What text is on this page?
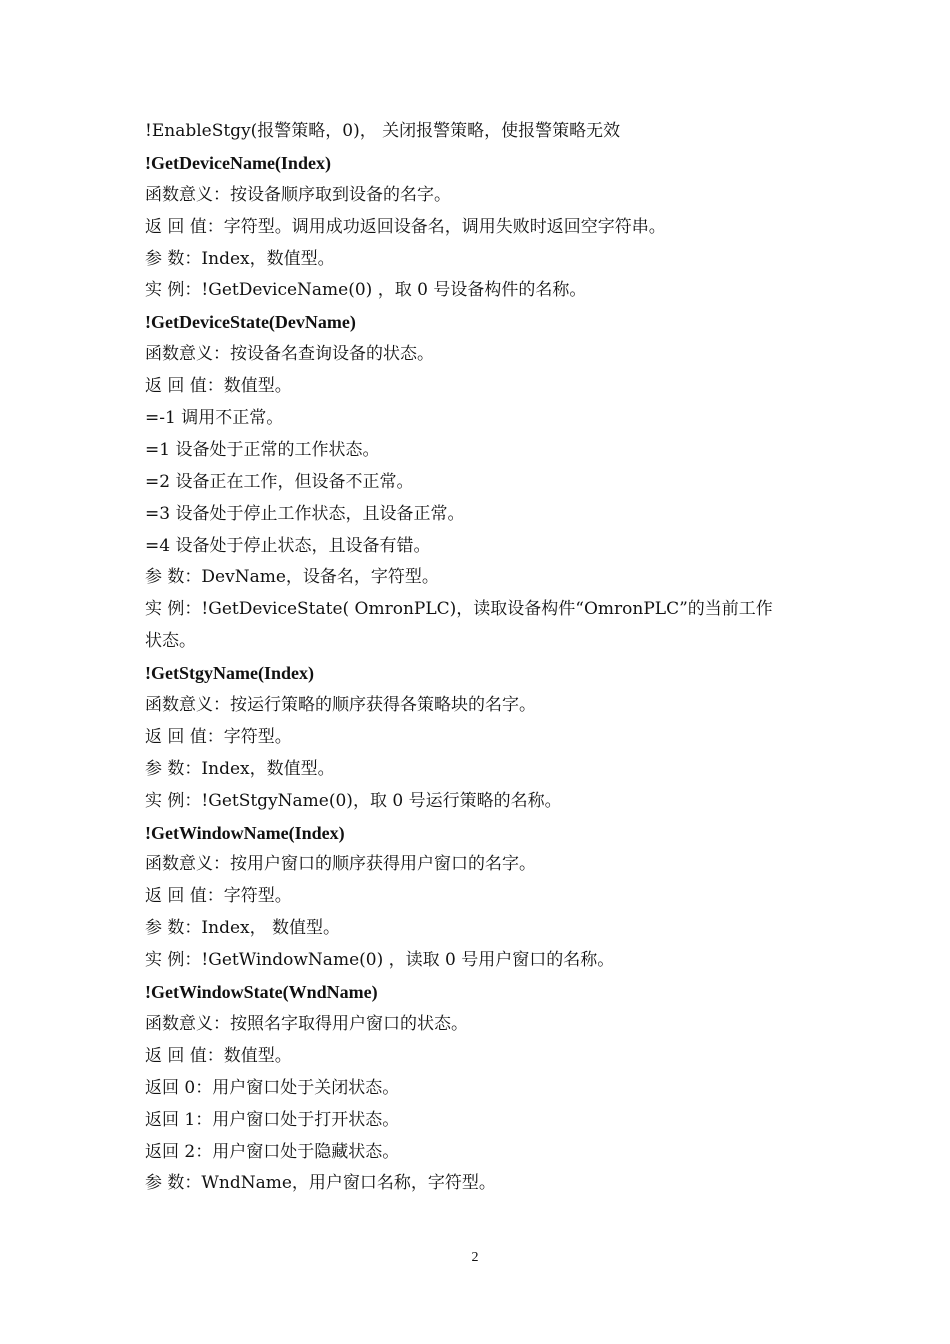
!EnableStgy(报警策略，0)， 关闭报警策略，使报警策略无效
!GetDeviceName(Index)
函数意义：按设备顺序取到设备的名字。
返 回 值：字符型。调用成功返回设备名，调用失败时返回空字符串。
参 数：Index，数值型。
实 例：!GetDeviceName(0) ，取 0 号设备构件的名称。
!GetDeviceState(DevName)
函数意义：按设备名查询设备的状态。
返 回 值：数值型。
=-1 调用不正常。
=1 设备处于正常的工作状态。
=2 设备正在工作，但设备不正常。
=3 设备处于停止工作状态，且设备正常。
=4 设备处于停止状态，且设备有错。
参 数：DevName，设备名，字符型。
实 例：!GetDeviceState( OmronPLC)，读取设备构件“OmronPLC”的当前工作
状态。
!GetStgyName(Index)
函数意义：按运行策略的顺序获得各策略块的名字。
返 回 值：字符型。
参 数：Index，数值型。
实 例：!GetStgyName(0)，取 0 号运行策略的名称。
!GetWindowName(Index)
函数意义：按用户窗口的顺序获得用户窗口的名字。
返 回 值：字符型。
参 数：Index， 数值型。
实 例：!GetWindowName(0) ，读取 0 号用户窗口的名称。
!GetWindowState(WndName)
函数意义：按照名字取得用户窗口的状态。
返 回 值：数值型。
返回 0：用户窗口处于关闭状态。
返回 1：用户窗口处于打开状态。
返回 2：用户窗口处于隐藏状态。
参 数：WndName，用户窗口名称，字符型。
2
